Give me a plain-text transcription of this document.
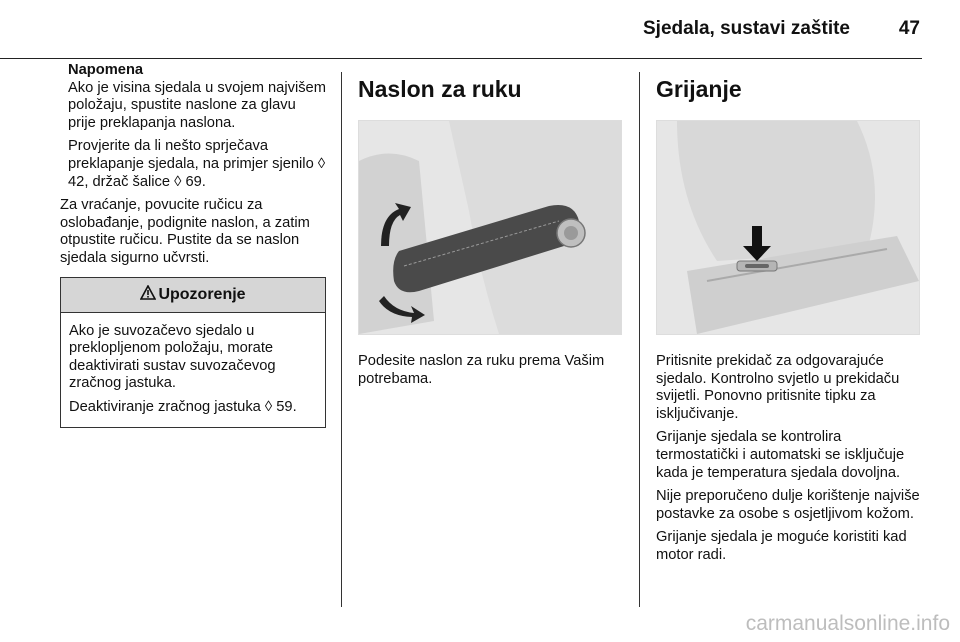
Sjedala, sustavi zaštite	47

Napomena
Ako je visina sjedala u svojem najvišem položaju, spustite naslone za glavu prije preklapanja naslona.

Provjerite da li nešto sprječava preklapanje sjedala, na primjer sjenilo ◊ 42, držač šalice ◊ 69.

Za vraćanje, povucite ručicu za oslobađanje, podignite naslon, a zatim otpustite ručicu. Pustite da se naslon sjedala sigurno učvrsti.

Upozorenje

Ako je suvozačevo sjedalo u preklopljenom položaju, morate deaktivirati sustav suvozačevog zračnog jastuka.

Deaktiviranje zračnog jastuka ◊ 59.

Naslon za ruku

Podesite naslon za ruku prema Vašim potrebama.

Grijanje

Pritisnite prekidač za odgovarajuće sjedalo. Kontrolno svjetlo u prekidaču svijetli. Ponovno pritisnite tipku za isključivanje.

Grijanje sjedala se kontrolira termostatički i automatski se isključuje kada je temperatura sjedala dovoljna.

Nije preporučeno dulje korištenje najviše postavke za osobe s osjetljivom kožom.

Grijanje sjedala je moguće koristiti kad motor radi.

carmanualsonline.info
